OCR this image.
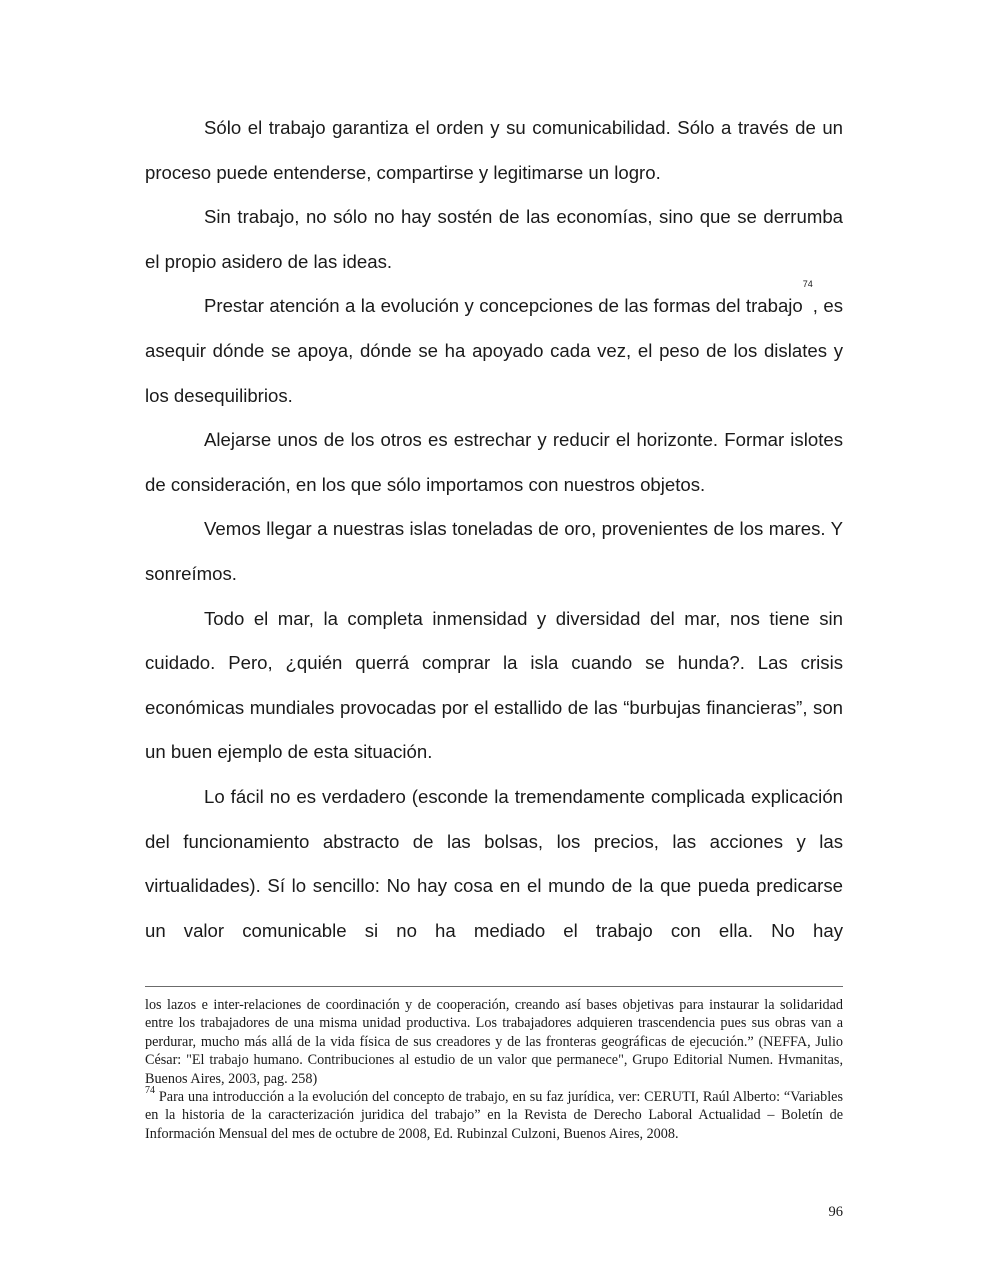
Sólo el trabajo garantiza el orden y su comunicabilidad. Sólo a través de un proceso puede entenderse, compartirse y legitimarse un logro.

Sin trabajo, no sólo no hay sostén de las economías, sino que se derrumba el propio asidero de las ideas.

Prestar atención a la evolución y concepciones de las formas del trabajo$^{74}$, es asequir dónde se apoya, dónde se ha apoyado cada vez, el peso de los dislates y los desequilibrios.

Alejarse unos de los otros es estrechar y reducir el horizonte. Formar islotes de consideración, en los que sólo importamos con nuestros objetos.

Vemos llegar a nuestras islas toneladas de oro, provenientes de los mares. Y sonreímos.

Todo el mar, la completa inmensidad y diversidad del mar, nos tiene sin cuidado. Pero, ¿quién querrá comprar la isla cuando se hunda?. Las crisis económicas mundiales provocadas por el estallido de las “burbujas financieras”, son un buen ejemplo de esta situación.

Lo fácil no es verdadero (esconde la tremendamente complicada explicación del funcionamiento abstracto de las bolsas, los precios, las acciones y las virtualidades). Sí lo sencillo: No hay cosa en el mundo de la que pueda predicarse un valor comunicable si no ha mediado el trabajo con ella. No hay

los lazos e inter-relaciones de coordinación y de cooperación, creando así bases objetivas para instaurar la solidaridad entre los trabajadores de una misma unidad productiva. Los trabajadores adquieren trascendencia pues sus obras van a perdurar, mucho más allá de la vida física de sus creadores y de las fronteras geográficas de ejecución.” (NEFFA, Julio César: "El trabajo humano. Contribuciones al estudio de un valor que permanece", Grupo Editorial Numen. Hvmanitas, Buenos Aires, 2003, pag. 258)

$^{74}$ Para una introducción a la evolución del concepto de trabajo, en su faz jurídica, ver: CERUTI, Raúl Alberto: “Variables en la historia de la caracterización juridica del trabajo” en la Revista de Derecho Laboral Actualidad – Boletín de Información Mensual del mes de octubre de 2008, Ed. Rubinzal Culzoni, Buenos Aires, 2008.

96
